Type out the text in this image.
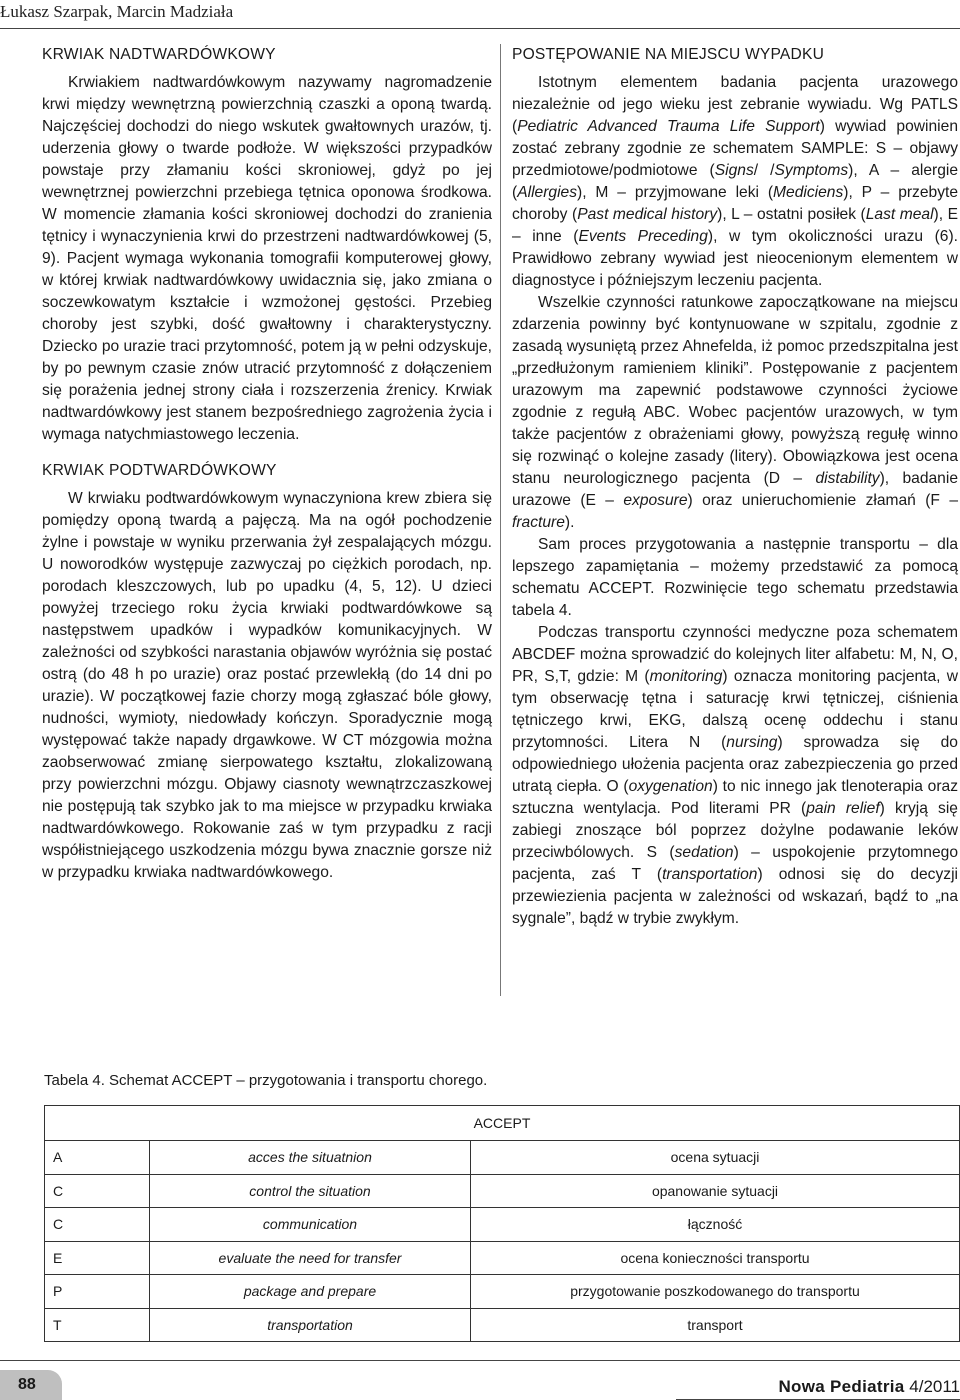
Łukasz Szarpak, Marcin Madziała
KRWIAK NADTWARDÓWKOWY

Krwiakiem nadtwardówkowym nazywamy nagromadzenie krwi między wewnętrzną powierzchnią czaszki a oponą twardą. Najczęściej dochodzi do niego wskutek gwałtownych urazów, tj. uderzenia głowy o twarde podłoże. W większości przypadków powstaje przy złamaniu kości skroniowej, gdyż po jej wewnętrznej powierzchni przebiega tętnica oponowa środkowa. W momencie złamania kości skroniowej dochodzi do zranienia tętnicy i wynaczynienia krwi do przestrzeni nadtwardówkowej (5, 9). Pacjent wymaga wykonania tomografii komputerowej głowy, w której krwiak nadtwardówkowy uwidacznia się, jako zmiana o soczewkowatym kształcie i wzmożonej gęstości. Przebieg choroby jest szybki, dość gwałtowny i charakterystyczny. Dziecko po urazie traci przytomność, potem ją w pełni odzyskuje, by po pewnym czasie znów utracić przytomność z dołączeniem się porażenia jednej strony ciała i rozszerzenia źrenicy. Krwiak nadtwardówkowy jest stanem bezpośredniego zagrożenia życia i wymaga natychmiastowego leczenia.

KRWIAK PODTWARDÓWKOWY

W krwiaku podtwardówkowym wynaczyniona krew zbiera się pomiędzy oponą twardą a pajęczą. Ma na ogół pochodzenie żylne i powstaje w wyniku przerwania żył zespalających mózgu. U noworodków występuje zazwyczaj po ciężkich porodach, np. porodach kleszczowych, lub po upadku (4, 5, 12). U dzieci powyżej trzeciego roku życia krwiaki podtwardówkowe są następstwem upadków i wypadków komunikacyjnych. W zależności od szybkości narastania objawów wyróżnia się postać ostrą (do 48 h po urazie) oraz postać przewlekłą (do 14 dni po urazie). W początkowej fazie chorzy mogą zgłaszać bóle głowy, nudności, wymioty, niedowłady kończyn. Sporadycznie mogą występować także napady drgawkowe. W CT mózgowia można zaobserwować zmianę sierpowatego kształtu, zlokalizowaną przy powierzchni mózgu. Objawy ciasnoty wewnątrzczaszkowej nie postępują tak szybko jak to ma miejsce w przypadku krwiaka nadtwardówkowego. Rokowanie zaś w tym przypadku z racji współistniejącego uszkodzenia mózgu bywa znacznie gorsze niż w przypadku krwiaka nadtwardówkowego.

POSTĘPOWANIE NA MIEJSCU WYPADKU

Istotnym elementem badania pacjenta urazowego niezależnie od jego wieku jest zebranie wywiadu. Wg PATLS (Pediatric Advanced Trauma Life Support) wywiad powinien zostać zebrany zgodnie ze schematem SAMPLE: S – objawy przedmiotowe/podmiotowe (Signs/ /Symptoms), A – alergie (Allergies), M – przyjmowane leki (Mediciens), P – przebyte choroby (Past medical history), L – ostatni posiłek (Last meal), E – inne (Events Preceding), w tym okoliczności urazu (6). Prawidłowo zebrany wywiad jest nieocenionym elementem w diagnostyce i późniejszym leczeniu pacjenta.

Wszelkie czynności ratunkowe zapoczątkowane na miejscu zdarzenia powinny być kontynuowane w szpitalu, zgodnie z zasadą wysuniętą przez Ahnefelda, iż pomoc przedszpitalna jest „przedłużonym ramieniem kliniki”. Postępowanie z pacjentem urazowym ma zapewnić podstawowe czynności życiowe zgodnie z regułą ABC. Wobec pacjentów urazowych, w tym także pacjentów z obrażeniami głowy, powyższą regułę winno się rozwinąć o kolejne zasady (litery). Obowiązkowa jest ocena stanu neurologicznego pacjenta (D – distability), badanie urazowe (E – exposure) oraz unieruchomienie złamań (F – fracture).

Sam proces przygotowania a następnie transportu – dla lepszego zapamiętania – możemy przedstawić za pomocą schematu ACCEPT. Rozwinięcie tego schematu przedstawia tabela 4.

Podczas transportu czynności medyczne poza schematem ABCDEF można sprowadzić do kolejnych liter alfabetu: M, N, O, PR, S,T, gdzie: M (monitoring) oznacza monitoring pacjenta, w tym obserwację tętna i saturację krwi tętniczej, ciśnienia tętniczego krwi, EKG, dalszą ocenę oddechu i stanu przytomności. Litera N (nursing) sprowadza się do odpowiedniego ułożenia pacjenta oraz zabezpieczenia go przed utratą ciepła. O (oxygenation) to nic innego jak tlenoterapia oraz sztuczna wentylacja. Pod literami PR (pain relief) kryją się zabiegi znoszące ból poprzez dożylne podawanie leków przeciwbólowych. S (sedation) – uspokojenie przytomnego pacjenta, zaś T (transportation) odnosi się do decyzji przewiezienia pacjenta w zależności od wskazań, bądź to „na sygnale”, bądź w trybie zwykłym.

Tabela 4. Schemat ACCEPT – przygotowania i transportu chorego.
ACCEPT		
A	acces the situatnion	ocena sytuacji
C	control the situation	opanowanie sytuacji
C	communication	łączność
E	evaluate the need for transfer	ocena konieczności transportu
P	package and prepare	przygotowanie poszkodowanego do transportu
T	transportation	transport
88	Nowa Pediatria 4/2011
